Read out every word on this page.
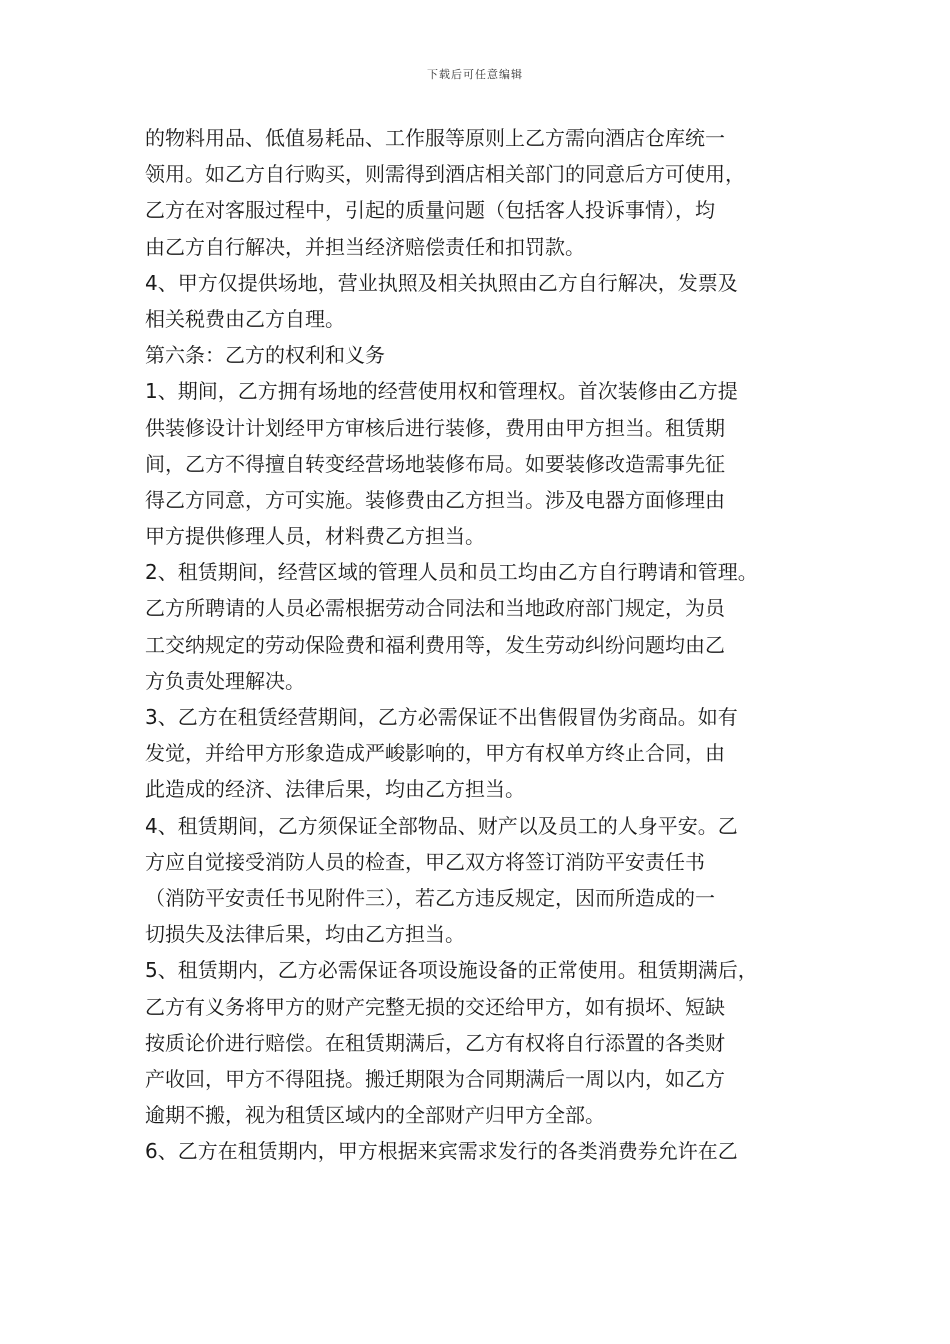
下载后可任意编辑
的物料用品、低值易耗品、工作服等原则上乙方需向酒店仓库统一
领用。如乙方自行购买，则需得到酒店相关部门的同意后方可使用，
乙方在对客服过程中，引起的质量问题（包括客人投诉事情），均
由乙方自行解决，并担当经济赔偿责任和扣罚款。
4、甲方仅提供场地，营业执照及相关执照由乙方自行解决，发票及
相关税费由乙方自理。
第六条：乙方的权利和义务
1、期间，乙方拥有场地的经营使用权和管理权。首次装修由乙方提
供装修设计计划经甲方审核后进行装修，费用由甲方担当。租赁期
间，乙方不得擅自转变经营场地装修布局。如要装修改造需事先征
得乙方同意，方可实施。装修费由乙方担当。涉及电器方面修理由
甲方提供修理人员，材料费乙方担当。
2、租赁期间，经营区域的管理人员和员工均由乙方自行聘请和管理。
乙方所聘请的人员必需根据劳动合同法和当地政府部门规定，为员
工交纳规定的劳动保险费和福利费用等，发生劳动纠纷问题均由乙
方负责处理解决。
3、乙方在租赁经营期间，乙方必需保证不出售假冒伪劣商品。如有
发觉，并给甲方形象造成严峻影响的，甲方有权单方终止合同，由
此造成的经济、法律后果，均由乙方担当。
4、租赁期间，乙方须保证全部物品、财产以及员工的人身平安。乙
方应自觉接受消防人员的检查，甲乙双方将签订消防平安责任书
（消防平安责任书见附件三），若乙方违反规定，因而所造成的一
切损失及法律后果，均由乙方担当。
5、租赁期内，乙方必需保证各项设施设备的正常使用。租赁期满后，
乙方有义务将甲方的财产完整无损的交还给甲方，如有损坏、短缺
按质论价进行赔偿。在租赁期满后，乙方有权将自行添置的各类财
产收回，甲方不得阻挠。搬迁期限为合同期满后一周以内，如乙方
逾期不搬，视为租赁区域内的全部财产归甲方全部。
6、乙方在租赁期内，甲方根据来宾需求发行的各类消费券允许在乙
